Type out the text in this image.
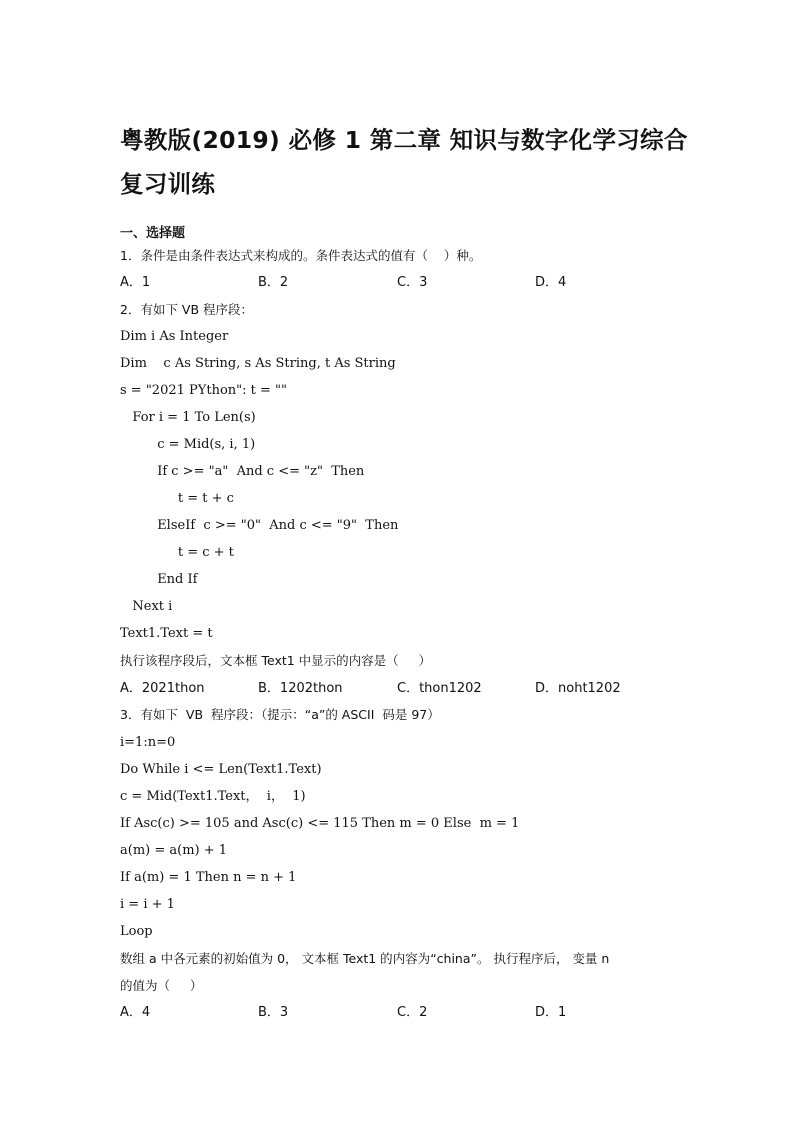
粤教版(2019) 必修 1 第二章 知识与数字化学习综合
复习训练
一、选择题
1．条件是由条件表达式来构成的。条件表达式的值有（    ）种。
A．1	B．2	C．3	D．4
2．有如下 VB 程序段：
Dim i As Integer
Dim    c As String, s As String, t As String
s = "2021 PYthon": t = ""
For i = 1 To Len(s)
c = Mid(s, i, 1)
If c >= "a"  And c <= "z"  Then
t = t + c
ElseIf  c >= "0"  And c <= "9"  Then
t = c + t
End If
Next i
Text1.Text = t
执行该程序段后，文本框 Text1 中显示的内容是（     ）
A．2021thon	B．1202thon	C．thon1202	D．noht1202
3．有如下  VB  程序段：（提示：“a”的 ASCII  码是 97）
i=1:n=0
Do While i <= Len(Text1.Text)
c = Mid(Text1.Text，  i，  1)
If Asc(c) >= 105 and Asc(c) <= 115 Then m = 0 Else  m = 1
a(m) = a(m) + 1
If a(m) = 1 Then n = n + 1
i = i + 1
Loop
数组 a 中各元素的初始值为 0， 文本框 Text1 的内容为“china”。 执行程序后， 变量 n
的值为（     ）
A．4	B．3	C．2	D．1
